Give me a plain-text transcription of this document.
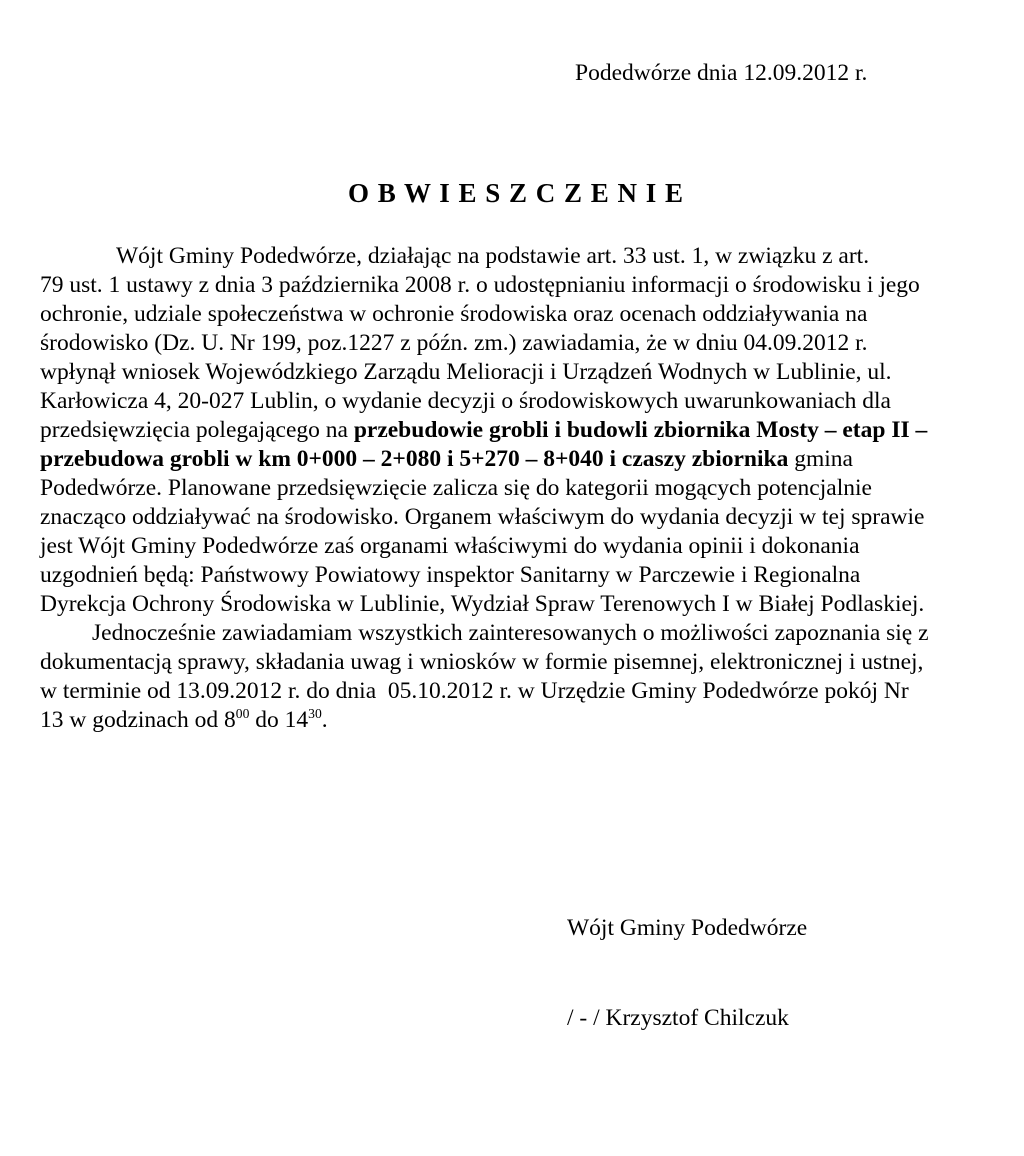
Podedwórze dnia 12.09.2012 r.
O B W I E S Z C Z E N I E
Wójt Gminy Podedwórze, działając na podstawie art. 33 ust. 1, w związku z art.
79 ust. 1 ustawy z dnia 3 października 2008 r. o udostępnianiu informacji o środowisku i jego
ochronie, udziale społeczeństwa w ochronie środowiska oraz ocenach oddziaływania na
środowisko (Dz. U. Nr 199, poz.1227 z późn. zm.) zawiadamia, że w dniu 04.09.2012 r.
wpłynął wniosek Wojewódzkiego Zarządu Melioracji i Urządzeń Wodnych w Lublinie, ul.
Karłowicza 4, 20-027 Lublin, o wydanie decyzji o środowiskowych uwarunkowaniach dla
przedsięwzięcia polegającego na przebudowie grobli i budowli zbiornika Mosty – etap II –
przebudowa grobli w km 0+000 – 2+080 i 5+270 – 8+040 i czaszy zbiornika gmina
Podedwórze. Planowane przedsięwzięcie zalicza się do kategorii mogących potencjalnie
znacząco oddziaływać na środowisko. Organem właściwym do wydania decyzji w tej sprawie
jest Wójt Gminy Podedwórze zaś organami właściwymi do wydania opinii i dokonania
uzgodnień będą: Państwowy Powiatowy inspektor Sanitarny w Parczewie i Regionalna
Dyrekcja Ochrony Środowiska w Lublinie, Wydział Spraw Terenowych I w Białej Podlaskiej.
Jednocześnie zawiadamiam wszystkich zainteresowanych o możliwości zapoznania się z
dokumentacją sprawy, składania uwag i wniosków w formie pisemnej, elektronicznej i ustnej,
w terminie od 13.09.2012 r. do dnia  05.10.2012 r. w Urzędzie Gminy Podedwórze pokój Nr
13 w godzinach od $8^{00}$ do $14^{30}$.

Wójt Gminy Podedwórze

/ - / Krzysztof Chilczuk
